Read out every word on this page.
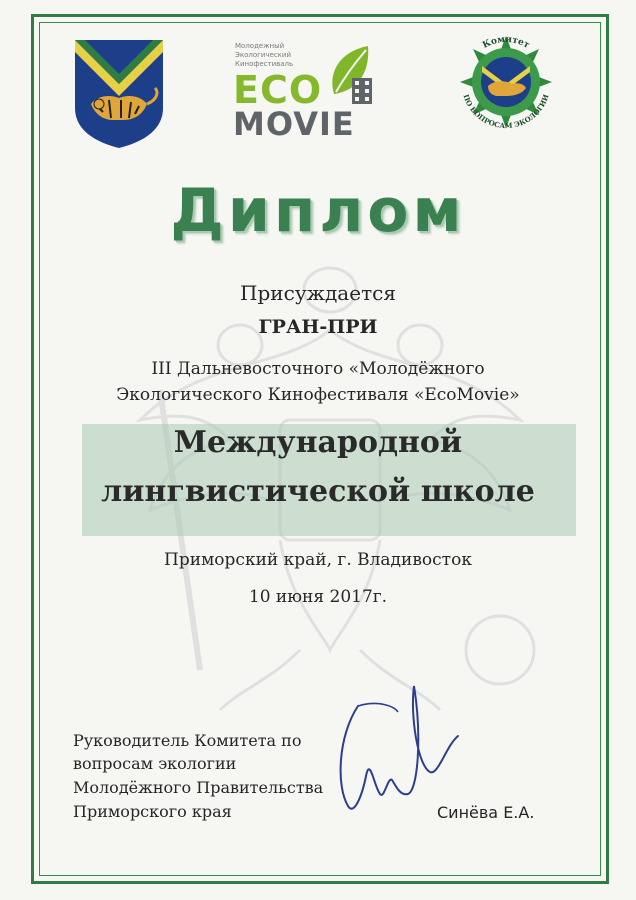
Молодежный
Экологический
Кинофестиваль
ECO
MOVIE
Комитет
ПО ВОПРОСАМ ЭКОЛОГИИ
Диплом
Присуждается
ГРАН-ПРИ
III Дальневосточного «Молодёжного
Экологического Кинофестиваля «EcoMovie»
Международной
лингвистической школе
Приморский край, г. Владивосток
10 июня 2017г.
Руководитель Комитета по
вопросам экологии
Молодёжного Правительства
Приморского края	Синёва Е.А.
